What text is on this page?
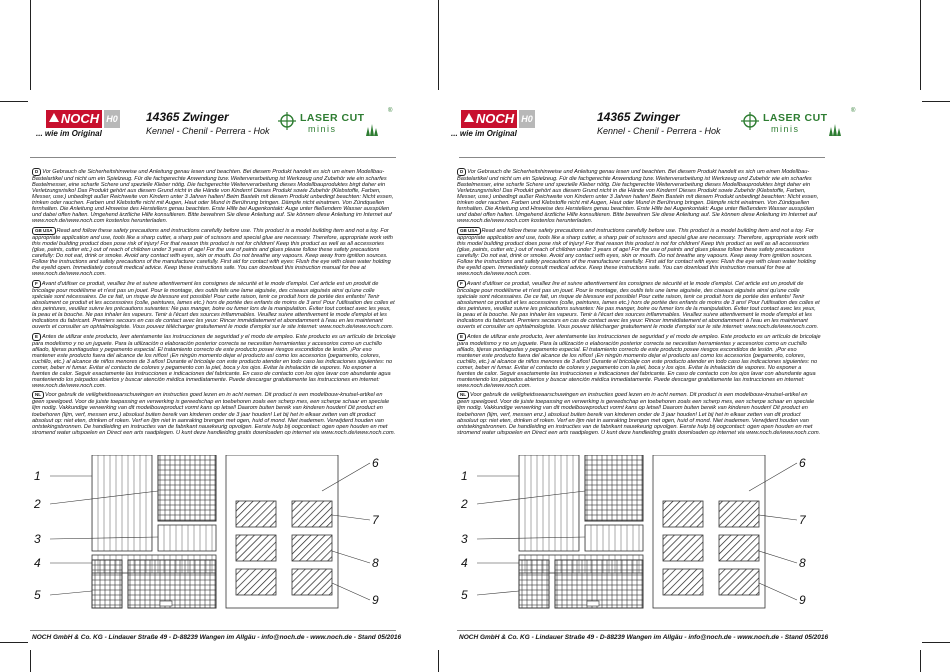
NOCH H0
... wie im Original
14365 Zwinger
Kennel - Chenil - Perrera - Hok
LASER CUT
®
minis

D Vor Gebrauch die Sicherheitshinweise und Anleitung genau lesen und beachten. Bei diesem Produkt handelt es sich um einen Modellbau-Bastelartikel und nicht um ein Spielzeug. Für die fachgerechte Anwendung bzw. Weiterverarbeitung ist Werkzeug und Zubehör wie ein scharfes Bastelmesser, eine scharfe Schere und spezielle Kleber nötig. Die fachgerechte Weiterverarbeitung dieses Modellbauproduktes birgt daher ein Verletzungsrisiko! Das Produkt gehört aus diesem Grund nicht in die Hände von Kindern! Dieses Produkt sowie Zubehör (Klebstoffe, Farben, Messer, usw.) unbedingt außer Reichweite von Kindern unter 3 Jahren halten! Beim Basteln mit diesem Produkt unbedingt beachten: Nicht essen, trinken oder rauchen. Farben und Klebstoffe nicht mit Augen, Haut oder Mund in Berührung bringen. Dämpfe nicht einatmen. Von Zündquellen fernhalten. Die Anleitung und Hinweise des Herstellers genau beachten. Erste Hilfe bei Augenkontakt: Auge unter fließendem Wasser ausspülen und dabei offen halten. Umgehend ärztliche Hilfe konsultieren. Bitte bewahren Sie diese Anleitung auf. Sie können diese Anleitung im Internet auf www.noch.de/www.noch.com kostenlos herunterladen.

GB USA Read and follow these safety precautions and instructions carefully before use. This product is a model building item and not a toy. For appropriate application and use, tools like a sharp cutter, a sharp pair of scissors and special glue are necessary. Therefore, appropriate work with this model building product does pose risk of injury! For that reason this product is not for children! Keep this product as well as all accessories (glue, paints, cutter etc.) out of reach of children under 3 years of age! For the use of paints and glues please follow these safety precautions carefully: Do not eat, drink or smoke. Avoid any contact with eyes, skin or mouth. Do not breathe any vapours. Keep away from ignition sources. Follow the instructions and safety precautions of the manufacturer carefully. First aid for contact with eyes: Flush the eye with clean water holding the eyelid open. Immediately consult medical advice. Keep these instructions safe. You can download this instruction manual for free at www.noch.de/www.noch.com.

F Avant d'utiliser ce produit, veuillez lire et suivre attentivement les consignes de sécurité et le mode d'emploi. Cet article est un produit de bricolage pour modélisme et n'est pas un jouet. Pour le montage, des outils tels une lame aiguisée, des ciseaux aiguisés ainsi qu'une colle spéciale sont nécessaires. De ce fait, un risque de blessure est possible! Pour cette raison, tenir ce produit hors de portée des enfants! Tenir absolument ce produit et les accessoires (colle, peintures, lames etc.) hors de portée des enfants de moins de 3 ans! Pour l'utilisation des colles et des peintures, veuillez suivre les précautions suivantes: Ne pas manger, boire ou fumer lors de la manipulation. Éviter tout contact avec les yeux, la peau et la bouche. Ne pas inhaler les vapeurs. Tenir à l'écart des sources inflammables. Veuillez suivre attentivement le mode d'emploi et les indications du fabricant. Premiers secours en cas de contact avec les yeux: Rincer immédiatement et abondamment à l'eau en les maintenant ouverts et consulter un ophtalmologiste. Vous pouvez télécharger gratuitement le mode d'emploi sur le site internet: www.noch.de/www.noch.com.

E Antes de utilizar este producto, leer atentamente las instrucciones de seguridad y el modo de empleo. Este producto es un artículo de bricolaje para modelismo y no un juguete. Para la utilización o elaboración posterior correcta se necesitan herramientas y accesorios como un cuchillo afilado, tijeras puntiagudas y pegamento especial. El tratamiento correcto de este producto posee riesgos escondidos de lesión. ¡Por eso mantener este producto fuera del alcance de los niños! ¡En ningún momento dejar el producto así como los accesorios (pegamento, colores, cuchillo, etc.) al alcance de niños menores de 3 años! Durante el bricolaje con este producto atender en todo caso las indicaciones siguientes: no comer, beber ni fumar. Evitar el contacto de colores y pegamento con la piel, boca y los ojos. Evitar la inhalación de vapores. No exponer a fuentes de calor. Seguir exactamente las instrucciones e indicaciones del fabricante. En caso de contacto con los ojos lavar con abundante agua manteniendo los párpados abiertos y buscar atención médica inmediatamente. Puede descargar gratuitamente las instrucciones en internet: www.noch.de/www.noch.com.

NL Voor gebruik de veiligheidswaarschuwingen en instructies goed lezen en in acht nemen. Dit product is een modelbouw-knutsel-artikel en geen speelgoed. Voor de juiste toepassing en verwerking is gereedschap en toebehoren zoals een scherp mes, een scherpe schaar en speciale lijm nodig. Vakkundige verwerking van dit modelbouwproduct vormt kans op letsel! Daarom buiten bereik van kinderen houden! Dit product en toebehoren (lijm, verf, messen enz.) absoluut buiten bereik van kinderen onder de 3 jaar houden! Let bij het in elkaar zetten van dit product absoluut op: niet eten, drinken of roken. Verf en lijm niet in aanraking brengen met ogen, huid of mond. Niet inademen. Verwijderd houden van ontstekingsbronnen. De handleiding en instructies van de fabrikant nauwkeurig opvolgen. Eerste hulp bij oogcontact: ogen open houden en met stromend water uitspoelen en Direct een arts raadplegen. U kunt deze handleiding gratis downloaden op internet via www.noch.de/www.noch.com.

1
2
3
4
5
6
7
8
9
NOCH GmbH & Co. KG - Lindauer Straße 49 - D-88239 Wangen im Allgäu - info@noch.de - www.noch.de - Stand 05/2016
NOCH H0
... wie im Original
14365 Zwinger
Kennel - Chenil - Perrera - Hok
LASER CUT
®
minis

D Vor Gebrauch die Sicherheitshinweise und Anleitung genau lesen und beachten. Bei diesem Produkt handelt es sich um einen Modellbau-Bastelartikel und nicht um ein Spielzeug. Für die fachgerechte Anwendung bzw. Weiterverarbeitung ist Werkzeug und Zubehör wie ein scharfes Bastelmesser, eine scharfe Schere und spezielle Kleber nötig. Die fachgerechte Weiterverarbeitung dieses Modellbauproduktes birgt daher ein Verletzungsrisiko! Das Produkt gehört aus diesem Grund nicht in die Hände von Kindern! Dieses Produkt sowie Zubehör (Klebstoffe, Farben, Messer, usw.) unbedingt außer Reichweite von Kindern unter 3 Jahren halten! Beim Basteln mit diesem Produkt unbedingt beachten: Nicht essen, trinken oder rauchen. Farben und Klebstoffe nicht mit Augen, Haut oder Mund in Berührung bringen. Dämpfe nicht einatmen. Von Zündquellen fernhalten. Die Anleitung und Hinweise des Herstellers genau beachten. Erste Hilfe bei Augenkontakt: Auge unter fließendem Wasser ausspülen und dabei offen halten. Umgehend ärztliche Hilfe konsultieren. Bitte bewahren Sie diese Anleitung auf. Sie können diese Anleitung im Internet auf www.noch.de/www.noch.com kostenlos herunterladen.

GB USA Read and follow these safety precautions and instructions carefully before use. This product is a model building item and not a toy. For appropriate application and use, tools like a sharp cutter, a sharp pair of scissors and special glue are necessary. Therefore, appropriate work with this model building product does pose risk of injury! For that reason this product is not for children! Keep this product as well as all accessories (glue, paints, cutter etc.) out of reach of children under 3 years of age! For the use of paints and glues please follow these safety precautions carefully: Do not eat, drink or smoke. Avoid any contact with eyes, skin or mouth. Do not breathe any vapours. Keep away from ignition sources. Follow the instructions and safety precautions of the manufacturer carefully. First aid for contact with eyes: Flush the eye with clean water holding the eyelid open. Immediately consult medical advice. Keep these instructions safe. You can download this instruction manual for free at www.noch.de/www.noch.com.

F Avant d'utiliser ce produit, veuillez lire et suivre attentivement les consignes de sécurité et le mode d'emploi. Cet article est un produit de bricolage pour modélisme et n'est pas un jouet. Pour le montage, des outils tels une lame aiguisée, des ciseaux aiguisés ainsi qu'une colle spéciale sont nécessaires. De ce fait, un risque de blessure est possible! Pour cette raison, tenir ce produit hors de portée des enfants! Tenir absolument ce produit et les accessoires (colle, peintures, lames etc.) hors de portée des enfants de moins de 3 ans! Pour l'utilisation des colles et des peintures, veuillez suivre les précautions suivantes: Ne pas manger, boire ou fumer lors de la manipulation. Éviter tout contact avec les yeux, la peau et la bouche. Ne pas inhaler les vapeurs. Tenir à l'écart des sources inflammables. Veuillez suivre attentivement le mode d'emploi et les indications du fabricant. Premiers secours en cas de contact avec les yeux: Rincer immédiatement et abondamment à l'eau en les maintenant ouverts et consulter un ophtalmologiste. Vous pouvez télécharger gratuitement le mode d'emploi sur le site internet: www.noch.de/www.noch.com.

E Antes de utilizar este producto, leer atentamente las instrucciones de seguridad y el modo de empleo. Este producto es un artículo de bricolaje para modelismo y no un juguete. Para la utilización o elaboración posterior correcta se necesitan herramientas y accesorios como un cuchillo afilado, tijeras puntiagudas y pegamento especial. El tratamiento correcto de este producto posee riesgos escondidos de lesión. ¡Por eso mantener este producto fuera del alcance de los niños! ¡En ningún momento dejar el producto así como los accesorios (pegamento, colores, cuchillo, etc.) al alcance de niños menores de 3 años! Durante el bricolaje con este producto atender en todo caso las indicaciones siguientes: no comer, beber ni fumar. Evitar el contacto de colores y pegamento con la piel, boca y los ojos. Evitar la inhalación de vapores. No exponer a fuentes de calor. Seguir exactamente las instrucciones e indicaciones del fabricante. En caso de contacto con los ojos lavar con abundante agua manteniendo los párpados abiertos y buscar atención médica inmediatamente. Puede descargar gratuitamente las instrucciones en internet: www.noch.de/www.noch.com.

NL Voor gebruik de veiligheidswaarschuwingen en instructies goed lezen en in acht nemen. Dit product is een modelbouw-knutsel-artikel en geen speelgoed. Voor de juiste toepassing en verwerking is gereedschap en toebehoren zoals een scherp mes, een scherpe schaar en speciale lijm nodig. Vakkundige verwerking van dit modelbouwproduct vormt kans op letsel! Daarom buiten bereik van kinderen houden! Dit product en toebehoren (lijm, verf, messen enz.) absoluut buiten bereik van kinderen onder de 3 jaar houden! Let bij het in elkaar zetten van dit product absoluut op: niet eten, drinken of roken. Verf en lijm niet in aanraking brengen met ogen, huid of mond. Niet inademen. Verwijderd houden van ontstekingsbronnen. De handleiding en instructies van de fabrikant nauwkeurig opvolgen. Eerste hulp bij oogcontact: ogen open houden en met stromend water uitspoelen en Direct een arts raadplegen. U kunt deze handleiding gratis downloaden op internet via www.noch.de/www.noch.com.

1
2
3
4
5
6
7
8
9
NOCH GmbH & Co. KG - Lindauer Straße 49 - D-88239 Wangen im Allgäu - info@noch.de - www.noch.de - Stand 05/2016
